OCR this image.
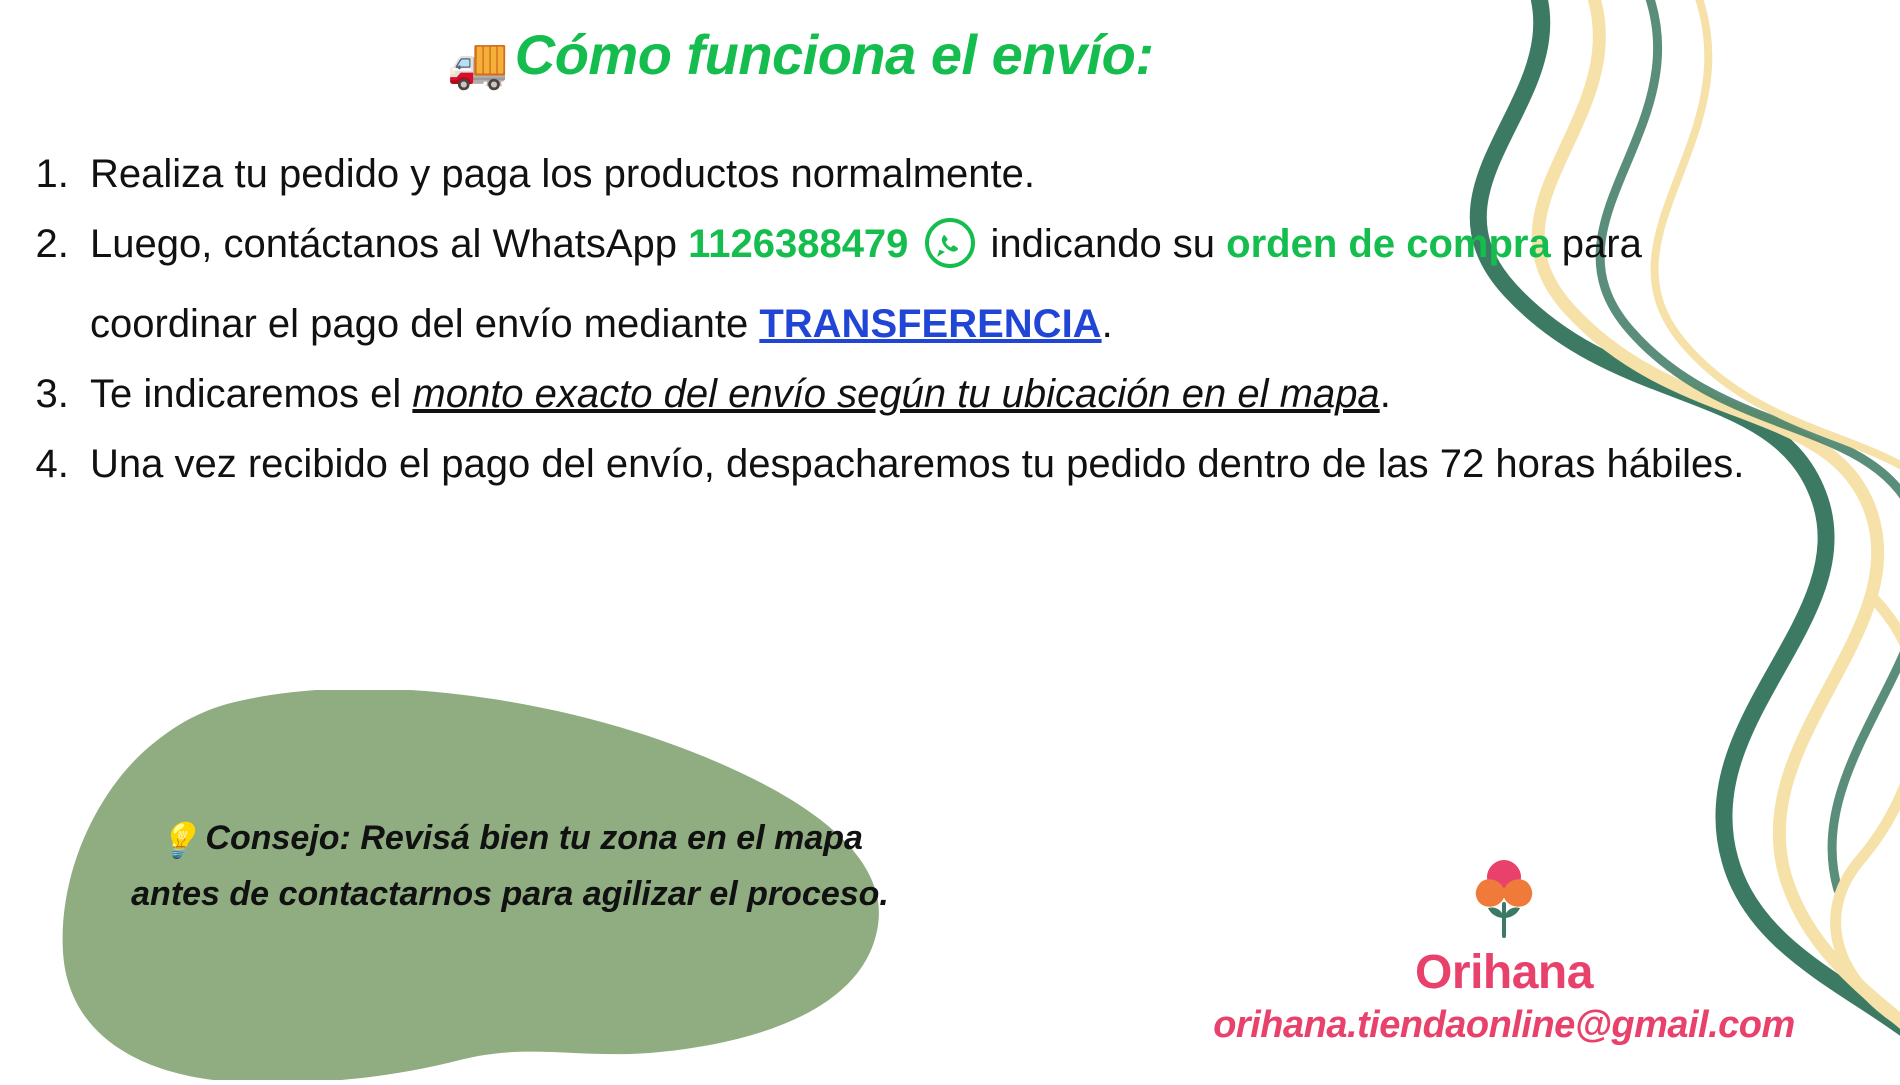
🚚 Cómo funciona el envío:
1. Realiza tu pedido y paga los productos normalmente.
2. Luego, contáctanos al WhatsApp 1126388479 indicando su orden de compra para coordinar el pago del envío mediante TRANSFERENCIA.
3. Te indicaremos el monto exacto del envío según tu ubicación en el mapa.
4. Una vez recibido el pago del envío, despacharemos tu pedido dentro de las 72 horas hábiles.
💡 Consejo: Revisá bien tu zona en el mapa antes de contactarnos para agilizar el proceso.
Orihana
orihana.tiendaonline@gmail.com
